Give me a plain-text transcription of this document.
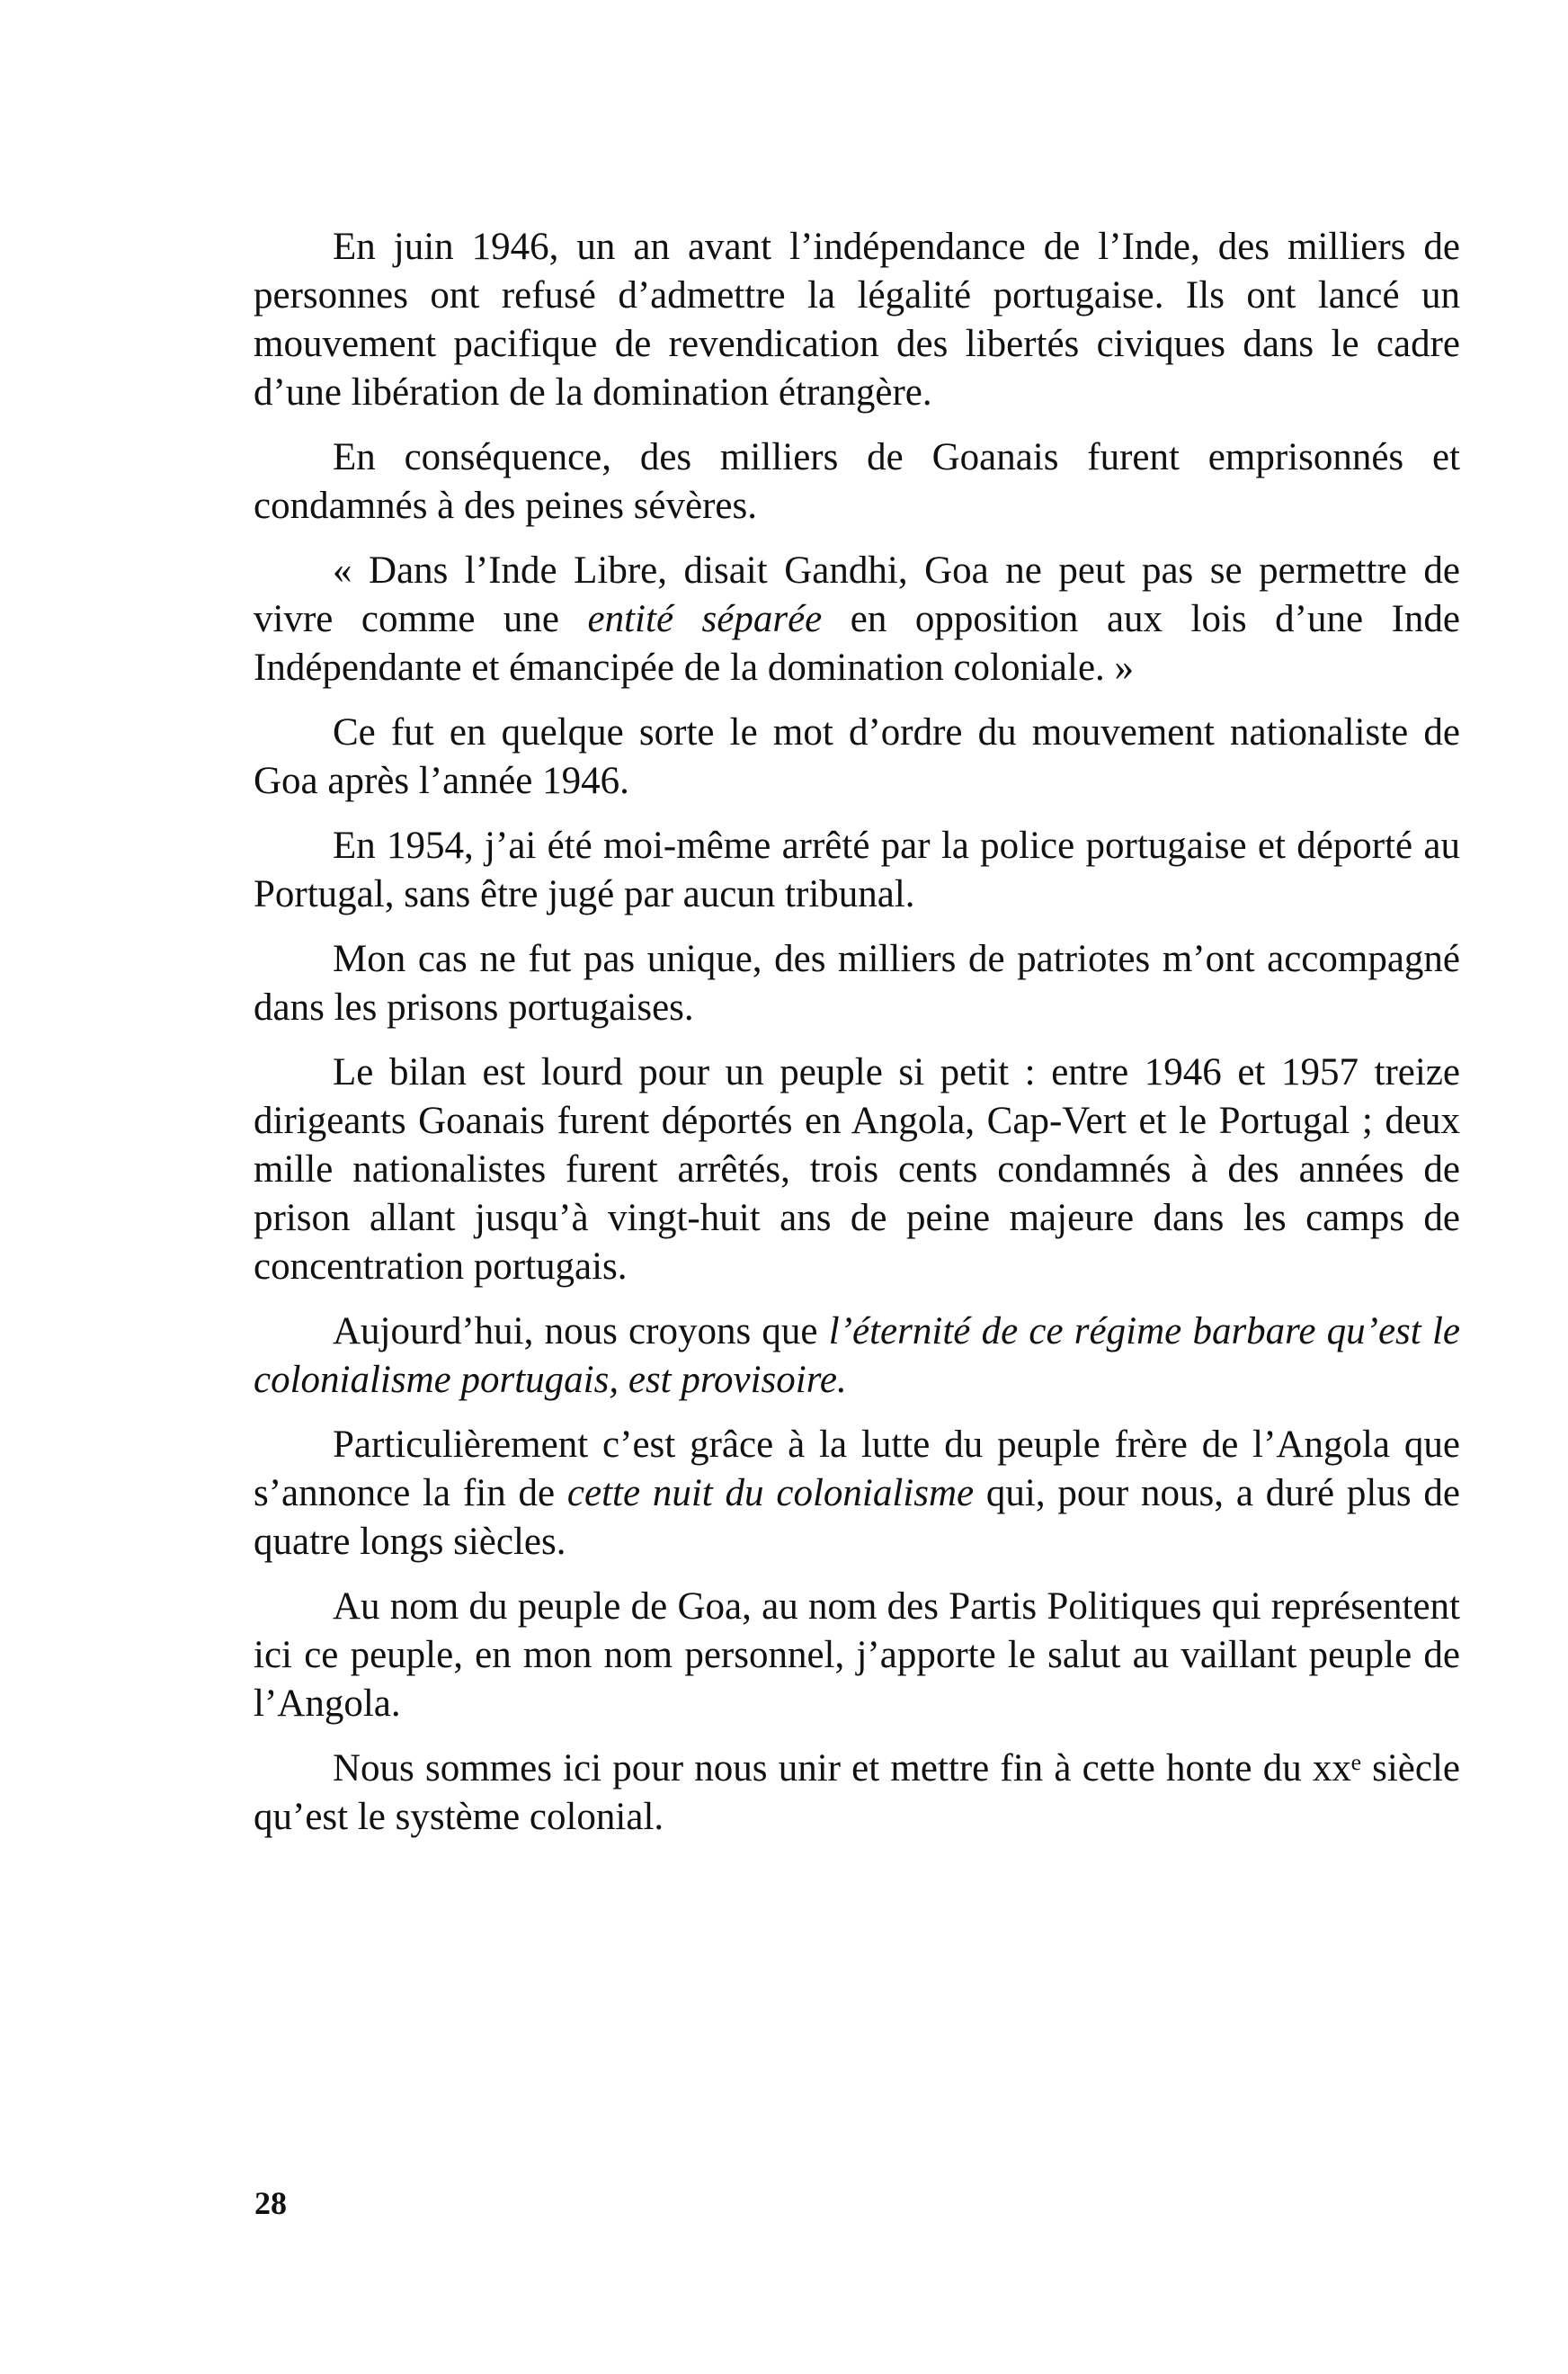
En juin 1946, un an avant l’indépendance de l’Inde, des milliers de personnes ont refusé d’admettre la légalité portugaise. Ils ont lancé un mouvement pacifique de revendication des libertés civiques dans le cadre d’une libération de la domination étrangère.

En conséquence, des milliers de Goanais furent emprisonnés et condamnés à des peines sévères.

« Dans l’Inde Libre, disait Gandhi, Goa ne peut pas se permettre de vivre comme une entité séparée en opposition aux lois d’une Inde Indépendante et émancipée de la domination coloniale. »

Ce fut en quelque sorte le mot d’ordre du mouvement nationaliste de Goa après l’année 1946.

En 1954, j’ai été moi-même arrêté par la police portugaise et déporté au Portugal, sans être jugé par aucun tribunal.

Mon cas ne fut pas unique, des milliers de patriotes m’ont accompagné dans les prisons portugaises.

Le bilan est lourd pour un peuple si petit : entre 1946 et 1957 treize dirigeants Goanais furent déportés en Angola, Cap-Vert et le Portugal ; deux mille nationalistes furent arrêtés, trois cents condamnés à des années de prison allant jusqu’à vingt-huit ans de peine majeure dans les camps de concentration portugais.

Aujourd’hui, nous croyons que l’éternité de ce régime barbare qu’est le colonialisme portugais, est provisoire.

Particulièrement c’est grâce à la lutte du peuple frère de l’Angola que s’annonce la fin de cette nuit du colonialisme qui, pour nous, a duré plus de quatre longs siècles.

Au nom du peuple de Goa, au nom des Partis Politiques qui représentent ici ce peuple, en mon nom personnel, j’apporte le salut au vaillant peuple de l’Angola.

Nous sommes ici pour nous unir et mettre fin à cette honte du xxᵉ siècle qu’est le système colonial.

28
